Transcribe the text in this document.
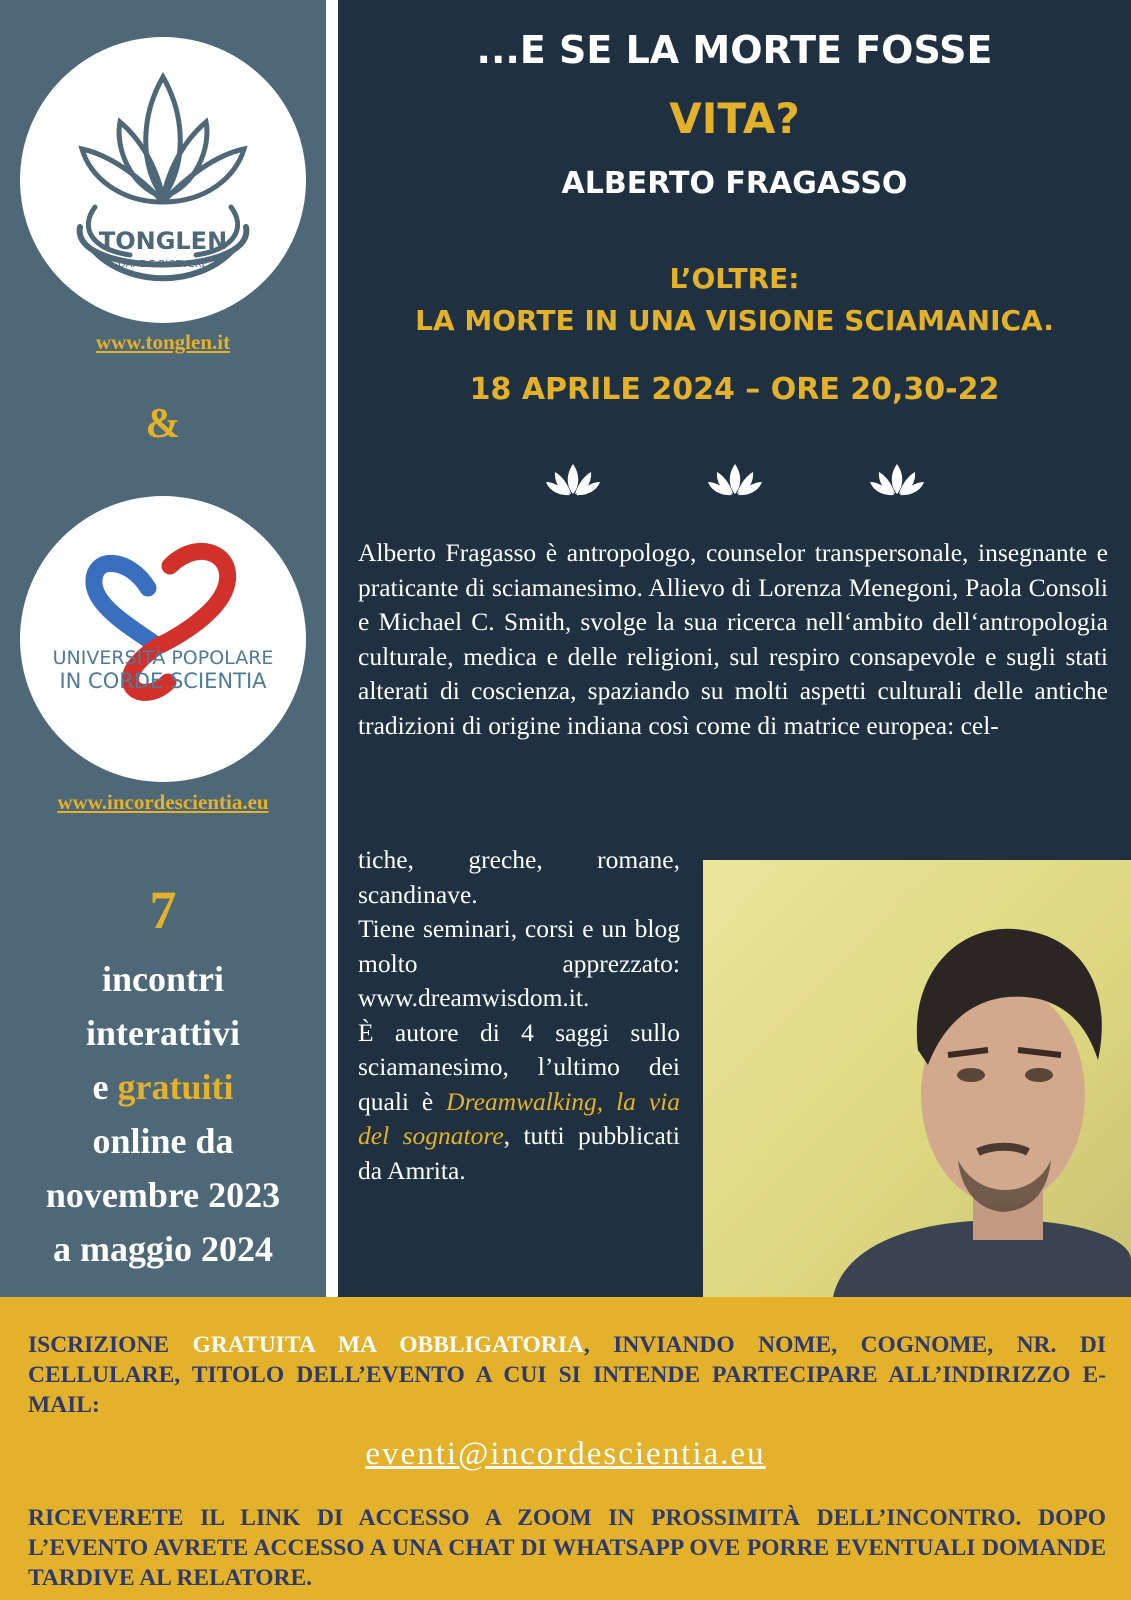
TONGLEN
DARE E RICEVERE
www.tonglen.it
&
UNIVERSITÀ POPOLARE
IN CORDE SCIENTIA
www.incordescientia.eu
7
incontri
interattivi
e gratuiti
online da
novembre 2023
a maggio 2024
...E SE LA MORTE FOSSE
VITA?
ALBERTO FRAGASSO
L’OLTRE:
LA MORTE IN UNA VISIONE SCIAMANICA.
18 APRILE 2024 – ORE 20,30-22
Alberto Fragasso è antropologo, counselor transpersonale, insegnante e praticante di sciamanesimo. Allievo di Lorenza Menegoni, Paola Consoli e Michael C. Smith, svolge la sua ricerca nell‘ambito dell‘antropologia culturale, medica e delle religioni, sul respiro consapevole e sugli stati alterati di coscienza, spaziando su molti aspetti culturali delle antiche tradizioni di origine indiana così come di matrice europea: cel-
tiche, greche, romane, scandinave.
Tiene seminari, corsi e un blog molto apprezzato: www.dreamwisdom.it.
È autore di 4 saggi sullo sciamanesimo, l’ultimo dei quali è Dreamwalking, la via del sognatore, tutti pubblicati da Amrita.
ISCRIZIONE GRATUITA MA OBBLIGATORIA, INVIANDO NOME, COGNOME, NR. DI CELLULARE, TITOLO DELL’EVENTO A CUI SI INTENDE PARTECIPARE ALL’INDIRIZZO E-MAIL:
eventi@incordescientia.eu
RICEVERETE IL LINK DI ACCESSO A ZOOM IN PROSSIMITÀ DELL’INCONTRO. DOPO L’EVENTO AVRETE ACCESSO A UNA CHAT DI WHATSAPP OVE PORRE EVENTUALI DOMANDE TARDIVE AL RELATORE.
